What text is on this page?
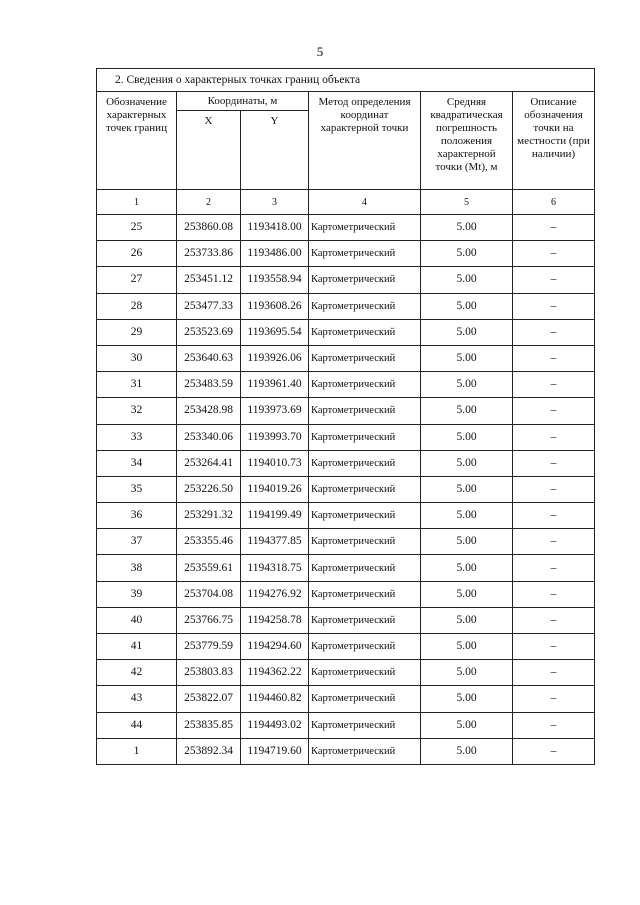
5
2. Сведения о характерных точках границ объекта					
Обозначение характерных точек границ	Координаты, м		Метод определения координат характерной точки	Средняя квадратическая погрешность положения характерной точки (Mt), м	Описание обозначения точки на местности (при наличии)
	X	Y			
1	2	3	4	5	6
25	253860.08	1193418.00	Картометрический	5.00	–
26	253733.86	1193486.00	Картометрический	5.00	–
27	253451.12	1193558.94	Картометрический	5.00	–
28	253477.33	1193608.26	Картометрический	5.00	–
29	253523.69	1193695.54	Картометрический	5.00	–
30	253640.63	1193926.06	Картометрический	5.00	–
31	253483.59	1193961.40	Картометрический	5.00	–
32	253428.98	1193973.69	Картометрический	5.00	–
33	253340.06	1193993.70	Картометрический	5.00	–
34	253264.41	1194010.73	Картометрический	5.00	–
35	253226.50	1194019.26	Картометрический	5.00	–
36	253291.32	1194199.49	Картометрический	5.00	–
37	253355.46	1194377.85	Картометрический	5.00	–
38	253559.61	1194318.75	Картометрический	5.00	–
39	253704.08	1194276.92	Картометрический	5.00	–
40	253766.75	1194258.78	Картометрический	5.00	–
41	253779.59	1194294.60	Картометрический	5.00	–
42	253803.83	1194362.22	Картометрический	5.00	–
43	253822.07	1194460.82	Картометрический	5.00	–
44	253835.85	1194493.02	Картометрический	5.00	–
1	253892.34	1194719.60	Картометрический	5.00	–
